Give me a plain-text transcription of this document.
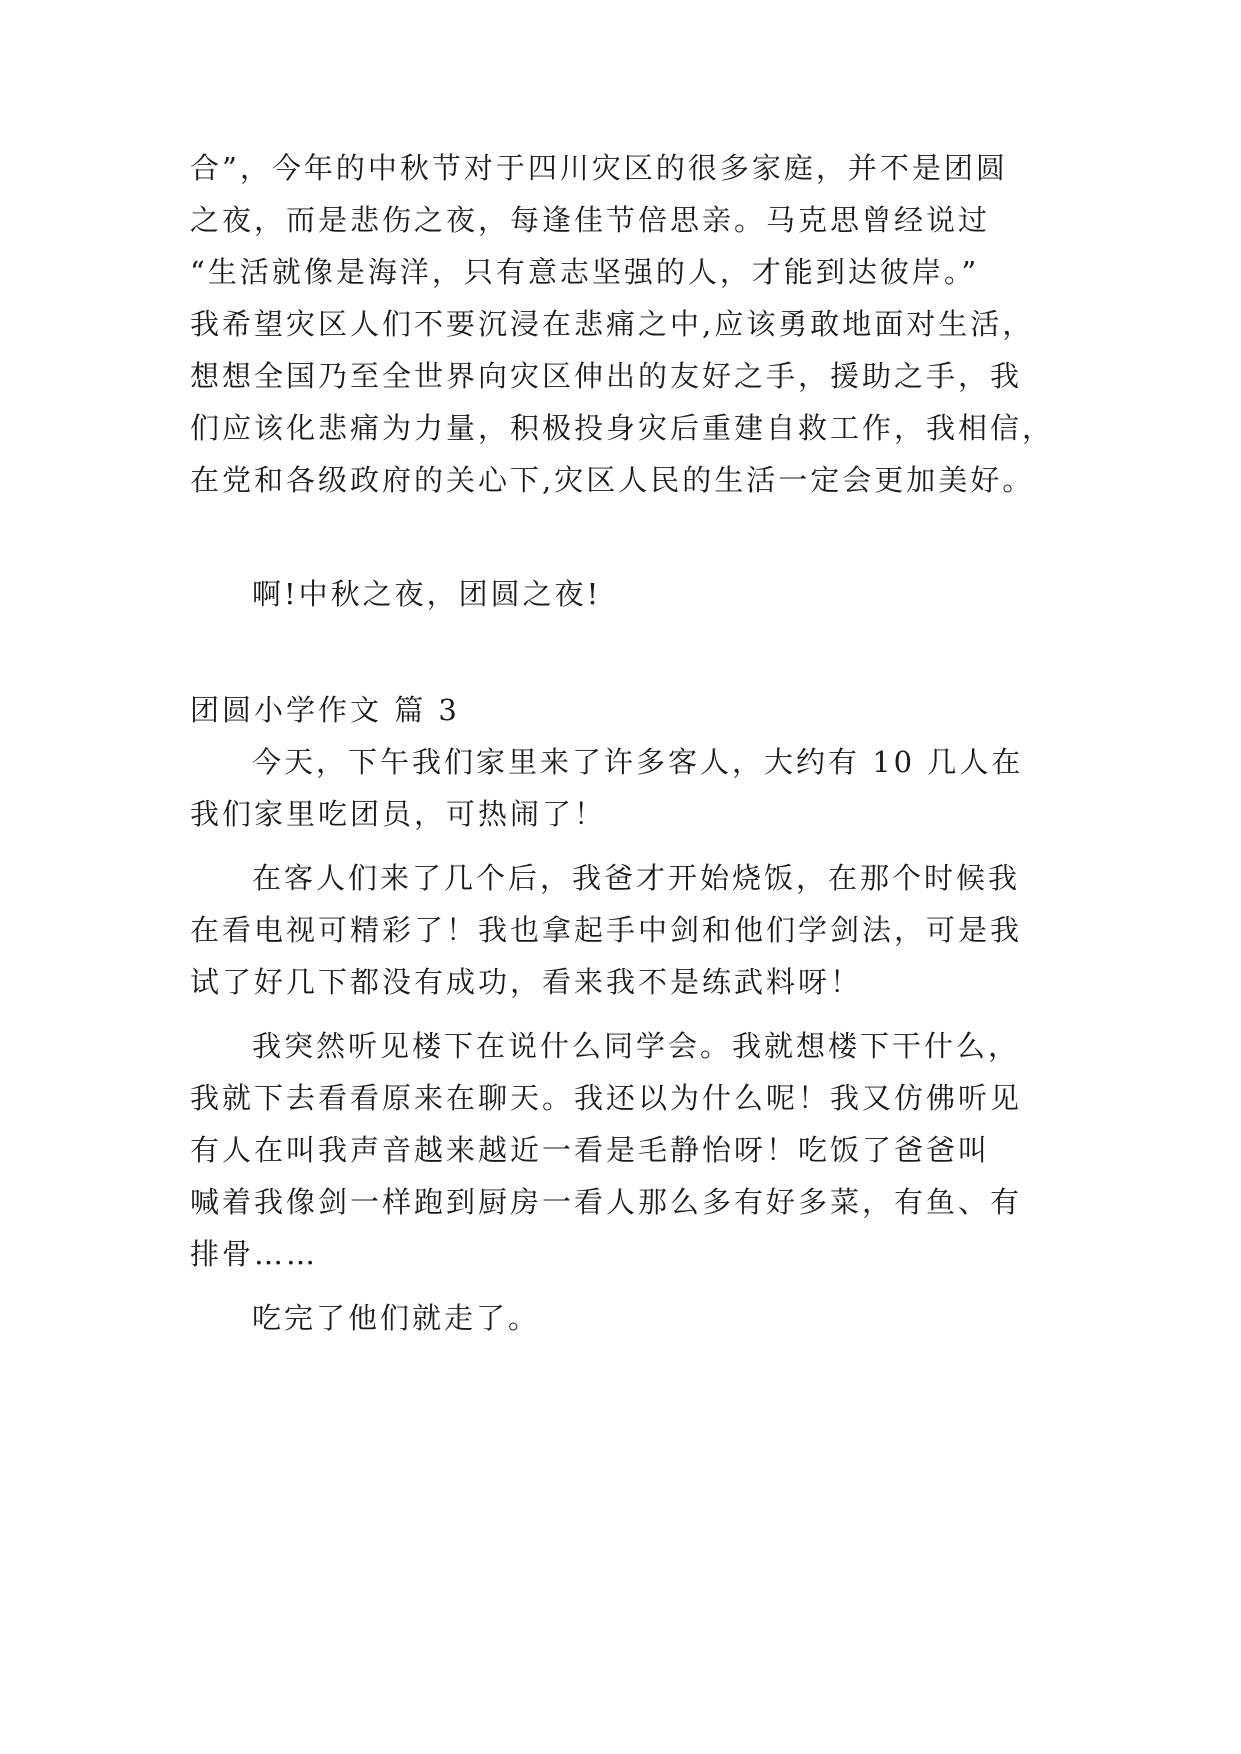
合”，今年的中秋节对于四川灾区的很多家庭，并不是团圆
之夜，而是悲伤之夜，每逢佳节倍思亲。马克思曾经说过
“生活就像是海洋，只有意志坚强的人，才能到达彼岸。”
我希望灾区人们不要沉浸在悲痛之中,应该勇敢地面对生活，
想想全国乃至全世界向灾区伸出的友好之手，援助之手，我
们应该化悲痛为力量，积极投身灾后重建自救工作，我相信，
在党和各级政府的关心下,灾区人民的生活一定会更加美好。
啊!中秋之夜，团圆之夜!
团圆小学作文 篇 3
今天，下午我们家里来了许多客人，大约有 10 几人在
我们家里吃团员，可热闹了！
在客人们来了几个后，我爸才开始烧饭，在那个时候我
在看电视可精彩了！我也拿起手中剑和他们学剑法，可是我
试了好几下都没有成功，看来我不是练武料呀！
我突然听见楼下在说什么同学会。我就想楼下干什么，
我就下去看看原来在聊天。我还以为什么呢！我又仿佛听见
有人在叫我声音越来越近一看是毛静怡呀！吃饭了爸爸叫
喊着我像剑一样跑到厨房一看人那么多有好多菜，有鱼、有
排骨……
吃完了他们就走了。
